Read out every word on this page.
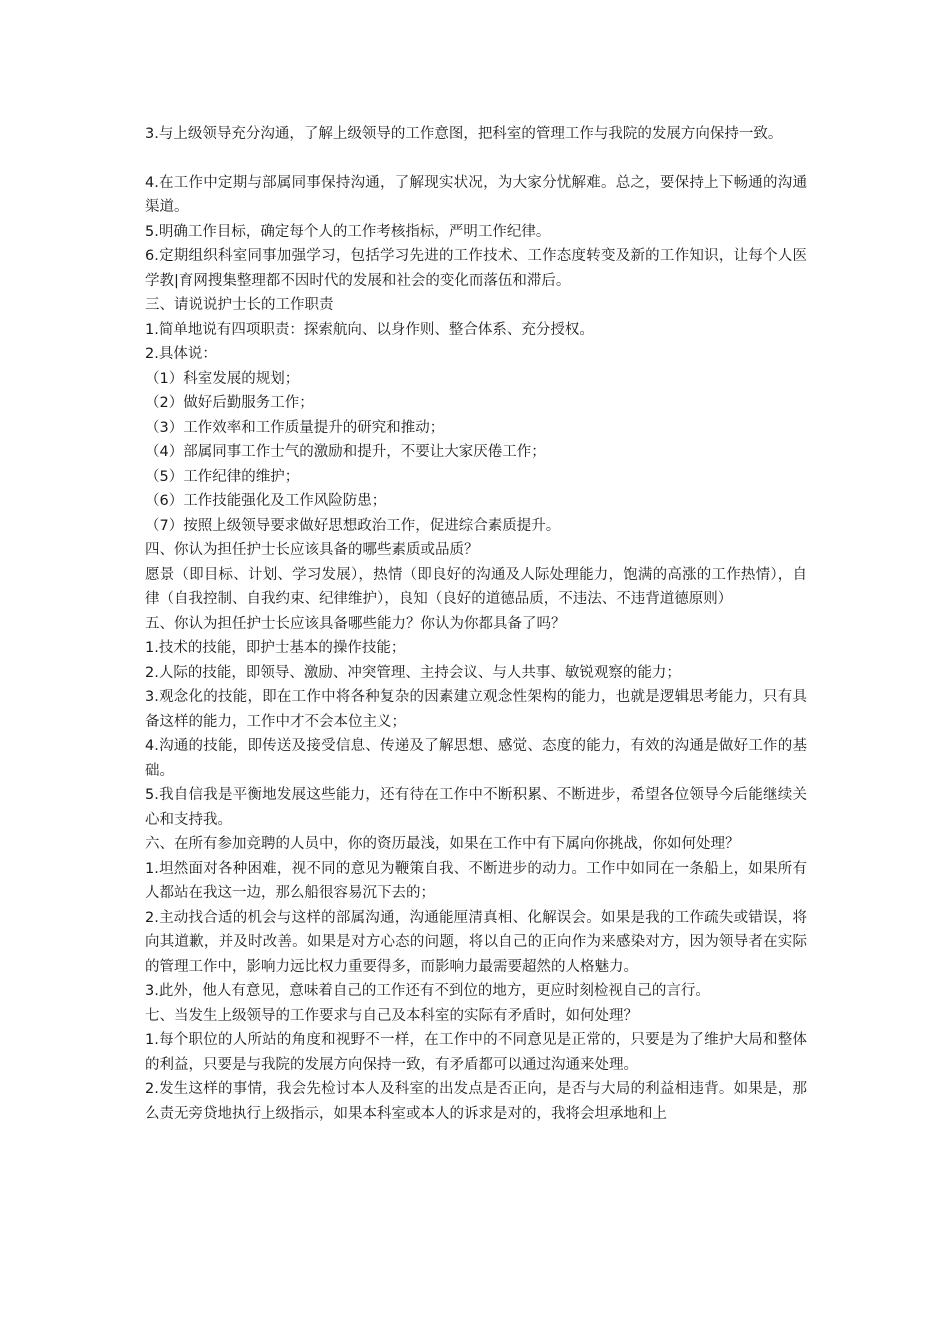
3.与上级领导充分沟通，了解上级领导的工作意图，把科室的管理工作与我院的发展方向保持一致。

4.在工作中定期与部属同事保持沟通，了解现实状况，为大家分忧解难。总之，要保持上下畅通的沟通渠道。

5.明确工作目标，确定每个人的工作考核指标，严明工作纪律。

6.定期组织科室同事加强学习，包括学习先进的工作技术、工作态度转变及新的工作知识，让每个人医学教|育网搜集整理都不因时代的发展和社会的变化而落伍和滞后。

三、请说说护士长的工作职责

1.简单地说有四项职责：探索航向、以身作则、整合体系、充分授权。

2.具体说：

（1）科室发展的规划；

（2）做好后勤服务工作；

（3）工作效率和工作质量提升的研究和推动；

（4）部属同事工作士气的激励和提升，不要让大家厌倦工作；

（5）工作纪律的维护；

（6）工作技能强化及工作风险防患；

（7）按照上级领导要求做好思想政治工作，促进综合素质提升。

四、你认为担任护士长应该具备的哪些素质或品质？

愿景（即目标、计划、学习发展），热情（即良好的沟通及人际处理能力，饱满的高涨的工作热情），自律（自我控制、自我约束、纪律维护），良知（良好的道德品质，不违法、不违背道德原则）

五、你认为担任护士长应该具备哪些能力？你认为你都具备了吗？

1.技术的技能，即护士基本的操作技能；

2.人际的技能，即领导、激励、冲突管理、主持会议、与人共事、敏锐观察的能力；

3.观念化的技能，即在工作中将各种复杂的因素建立观念性架构的能力，也就是逻辑思考能力，只有具备这样的能力，工作中才不会本位主义；

4.沟通的技能，即传送及接受信息、传递及了解思想、感觉、态度的能力，有效的沟通是做好工作的基础。

5.我自信我是平衡地发展这些能力，还有待在工作中不断积累、不断进步，希望各位领导今后能继续关心和支持我。

六、在所有参加竞聘的人员中，你的资历最浅，如果在工作中有下属向你挑战，你如何处理？

1.坦然面对各种困难，视不同的意见为鞭策自我、不断进步的动力。工作中如同在一条船上，如果所有人都站在我这一边，那么船很容易沉下去的；

2.主动找合适的机会与这样的部属沟通，沟通能厘清真相、化解误会。如果是我的工作疏失或错误，将向其道歉，并及时改善。如果是对方心态的问题，将以自己的正向作为来感染对方，因为领导者在实际的管理工作中，影响力远比权力重要得多，而影响力最需要超然的人格魅力。

3.此外，他人有意见，意味着自己的工作还有不到位的地方，更应时刻检视自己的言行。

七、当发生上级领导的工作要求与自己及本科室的实际有矛盾时，如何处理？

1.每个职位的人所站的角度和视野不一样，在工作中的不同意见是正常的，只要是为了维护大局和整体的利益，只要是与我院的发展方向保持一致，有矛盾都可以通过沟通来处理。

2.发生这样的事情，我会先检讨本人及科室的出发点是否正向，是否与大局的利益相违背。如果是，那么责无旁贷地执行上级指示，如果本科室或本人的诉求是对的，我将会坦承地和上
